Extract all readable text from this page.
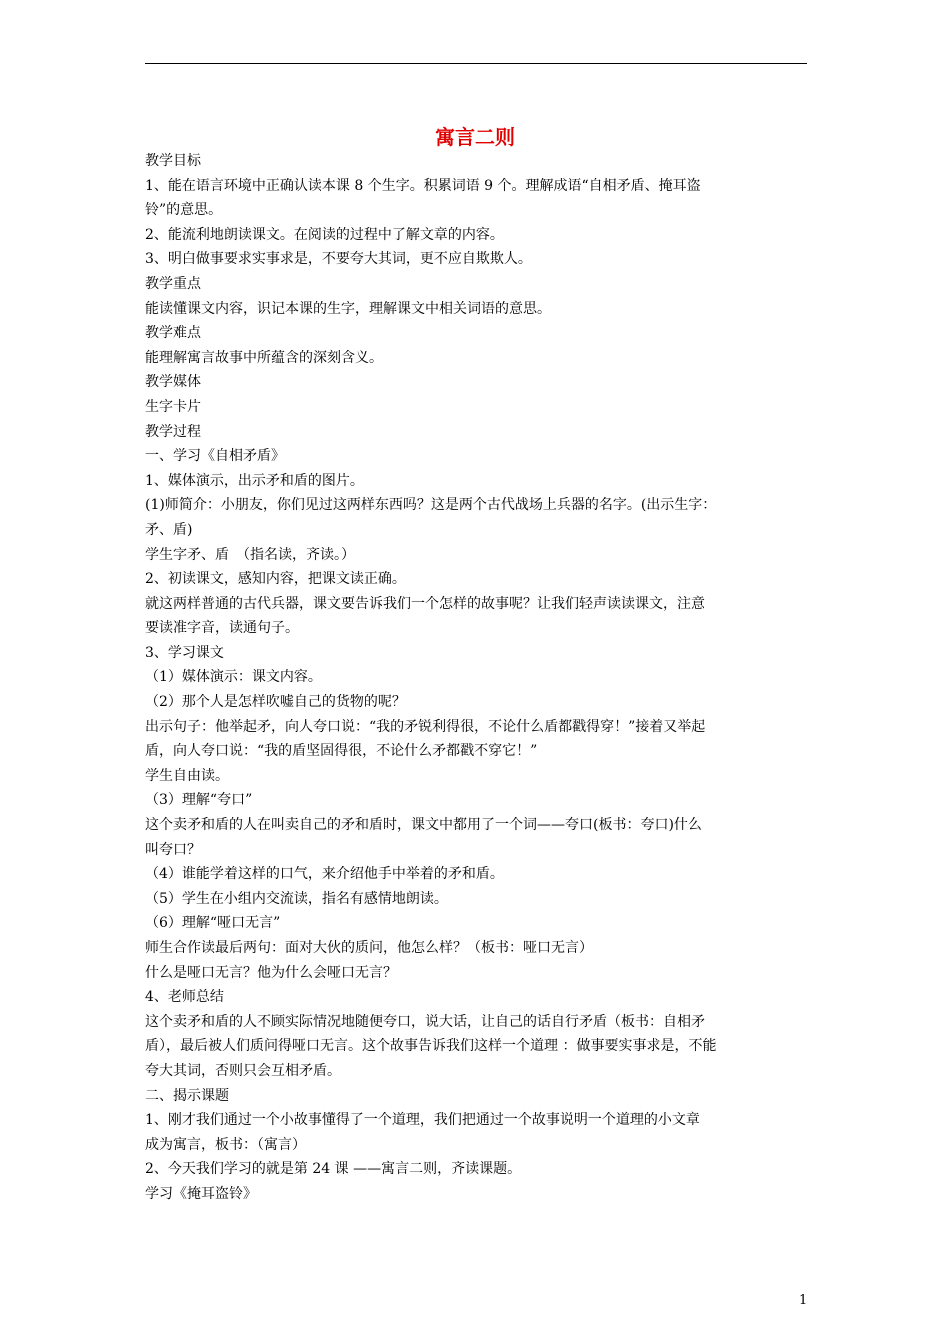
寓言二则
教学目标
1、能在语言环境中正确认读本课 8 个生字。积累词语 9 个。理解成语“自相矛盾、掩耳盗
铃”的意思。
2、能流利地朗读课文。在阅读的过程中了解文章的内容。
3、明白做事要求实事求是，不要夸大其词，更不应自欺欺人。
教学重点
能读懂课文内容，识记本课的生字，理解课文中相关词语的意思。
教学难点
能理解寓言故事中所蕴含的深刻含义。
教学媒体
生字卡片
教学过程
一、学习《自相矛盾》
1、媒体演示，出示矛和盾的图片。
(1)师简介：小朋友，你们见过这两样东西吗？这是两个古代战场上兵器的名字。(出示生字：
矛、盾)
学生字矛、盾　（指名读，齐读。）
2、初读课文，感知内容，把课文读正确。
就这两样普通的古代兵器，课文要告诉我们一个怎样的故事呢？让我们轻声读读课文，注意
要读准字音，读通句子。
3、学习课文
（1）媒体演示：课文内容。
（2）那个人是怎样吹嘘自己的货物的呢？
出示句子：他举起矛，向人夸口说：“我的矛锐利得很，不论什么盾都戳得穿！”接着又举起
盾，向人夸口说：“我的盾坚固得很，不论什么矛都戳不穿它！”
学生自由读。
（3）理解“夸口”
这个卖矛和盾的人在叫卖自己的矛和盾时，课文中都用了一个词——夸口(板书：夸口)什么
叫夸口？
（4）谁能学着这样的口气，来介绍他手中举着的矛和盾。
（5）学生在小组内交流读，指名有感情地朗读。
（6）理解“哑口无言”
师生合作读最后两句：面对大伙的质问，他怎么样？（板书：哑口无言）
什么是哑口无言？他为什么会哑口无言？
4、老师总结
这个卖矛和盾的人不顾实际情况地随便夸口，说大话，让自己的话自行矛盾（板书：自相矛
盾），最后被人们质问得哑口无言。这个故事告诉我们这样一个道理 ：做事要实事求是，不能
夸大其词，否则只会互相矛盾。
二、揭示课题
1、刚才我们通过一个小故事懂得了一个道理，我们把通过一个故事说明一个道理的小文章
成为寓言，板书：（寓言）
2、今天我们学习的就是第 24 课 ——寓言二则，齐读课题。
学习《掩耳盗铃》
1
